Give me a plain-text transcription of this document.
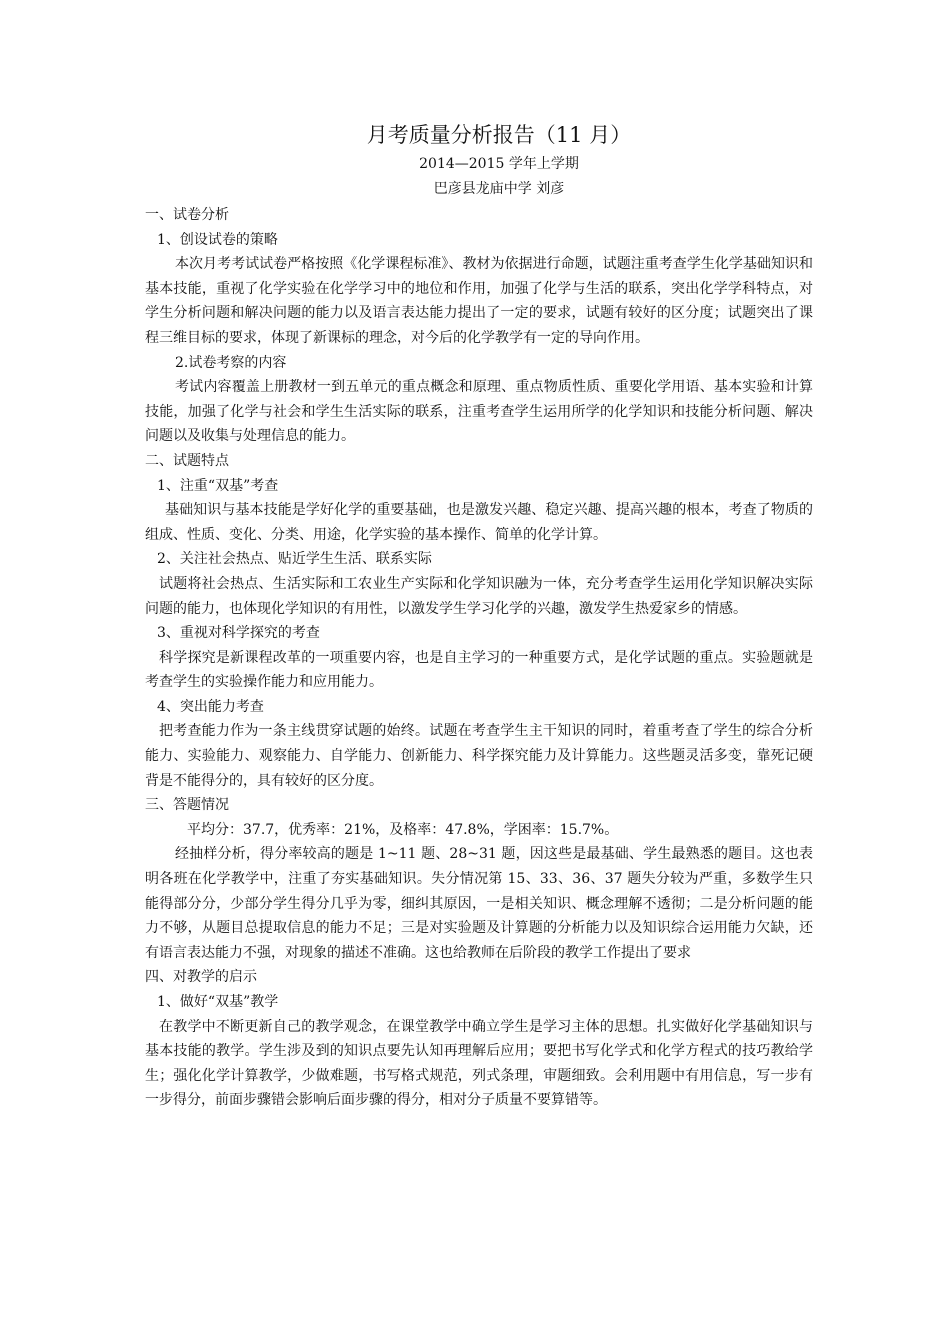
月考质量分析报告（11 月）

2014—2015 学年上学期

巴彦县龙庙中学 刘彦

一、试卷分析

1、创设试卷的策略

本次月考考试试卷严格按照《化学课程标准》、教材为依据进行命题，试题注重考查学生化学基础知识和基本技能，重视了化学实验在化学学习中的地位和作用，加强了化学与生活的联系，突出化学学科特点，对学生分析问题和解决问题的能力以及语言表达能力提出了一定的要求，试题有较好的区分度；试题突出了课程三维目标的要求，体现了新课标的理念，对今后的化学教学有一定的导向作用。

2.试卷考察的内容

考试内容覆盖上册教材一到五单元的重点概念和原理、重点物质性质、重要化学用语、基本实验和计算技能，加强了化学与社会和学生生活实际的联系，注重考查学生运用所学的化学知识和技能分析问题、解决问题以及收集与处理信息的能力。

二、试题特点

1、注重“双基”考查

基础知识与基本技能是学好化学的重要基础，也是激发兴趣、稳定兴趣、提高兴趣的根本，考查了物质的组成、性质、变化、分类、用途，化学实验的基本操作、简单的化学计算。

2、关注社会热点、贴近学生生活、联系实际

试题将社会热点、生活实际和工农业生产实际和化学知识融为一体，充分考查学生运用化学知识解决实际问题的能力，也体现化学知识的有用性，以激发学生学习化学的兴趣，激发学生热爱家乡的情感。

3、重视对科学探究的考查

科学探究是新课程改革的一项重要内容，也是自主学习的一种重要方式，是化学试题的重点。实验题就是考查学生的实验操作能力和应用能力。

4、突出能力考查

把考查能力作为一条主线贯穿试题的始终。试题在考查学生主干知识的同时，着重考查了学生的综合分析能力、实验能力、观察能力、自学能力、创新能力、科学探究能力及计算能力。这些题灵活多变，靠死记硬背是不能得分的，具有较好的区分度。

三、答题情况

平均分：37.7，优秀率：21%，及格率：47.8%，学困率：15.7%。

经抽样分析，得分率较高的题是 1~11 题、28~31 题，因这些是最基础、学生最熟悉的题目。这也表明各班在化学教学中，注重了夯实基础知识。失分情况第 15、33、36、37 题失分较为严重，多数学生只能得部分分，少部分学生得分几乎为零，细纠其原因，一是相关知识、概念理解不透彻；二是分析问题的能力不够，从题目总提取信息的能力不足；三是对实验题及计算题的分析能力以及知识综合运用能力欠缺，还有语言表达能力不强，对现象的描述不准确。这也给教师在后阶段的教学工作提出了要求

四、对教学的启示

1、做好“双基”教学

在教学中不断更新自己的教学观念，在课堂教学中确立学生是学习主体的思想。扎实做好化学基础知识与基本技能的教学。学生涉及到的知识点要先认知再理解后应用；要把书写化学式和化学方程式的技巧教给学生；强化化学计算教学，少做难题，书写格式规范，列式条理，审题细致。会利用题中有用信息，写一步有一步得分，前面步骤错会影响后面步骤的得分，相对分子质量不要算错等。
